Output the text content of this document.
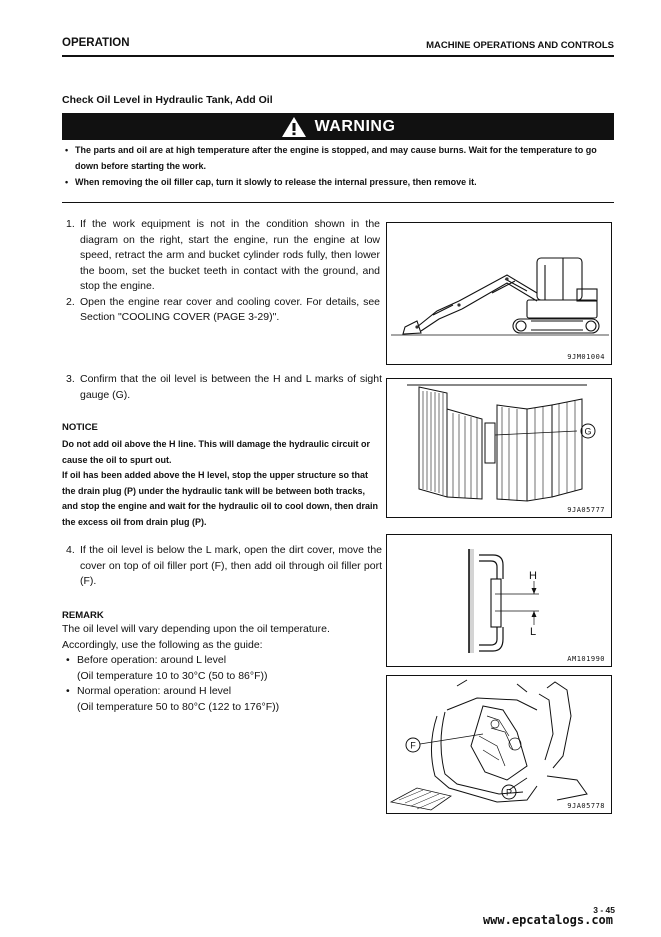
OPERATION	MACHINE OPERATIONS AND CONTROLS
Check Oil Level in Hydraulic Tank, Add Oil
WARNING
• The parts and oil are at high temperature after the engine is stopped, and may cause burns. Wait for the temperature to go down before starting the work.
• When removing the oil filler cap, turn it slowly to release the internal pressure, then remove it.
1. If the work equipment is not in the condition shown in the diagram on the right, start the engine, run the engine at low speed, retract the arm and bucket cylinder rods fully, then lower the boom, set the bucket teeth in contact with the ground, and stop the engine.
2. Open the engine rear cover and cooling cover. For details, see Section "COOLING COVER (PAGE 3-29)".
9JM01004
3. Confirm that the oil level is between the H and L marks of sight gauge (G).
G
9JA05777
NOTICE
Do not add oil above the H line. This will damage the hydraulic circuit or cause the oil to spurt out.
If oil has been added above the H level, stop the upper structure so that the drain plug (P) under the hydraulic tank will be between both tracks, and stop the engine and wait for the hydraulic oil to cool down, then drain the excess oil from drain plug (P).
4. If the oil level is below the L mark, open the dirt cover, move the cover on top of oil filler port (F), then add oil through oil filler port (F).	H
L
AM101990
REMARK
The oil level will vary depending upon the oil temperature.
Accordingly, use the following as the guide:
• Before operation: around L level
(Oil temperature 10 to 30°C (50 to 86°F))
• Normal operation: around H level
(Oil temperature 50 to 80°C (122 to 176°F))
F
P
9JA05778
3 - 45
www.epcatalogs.com
